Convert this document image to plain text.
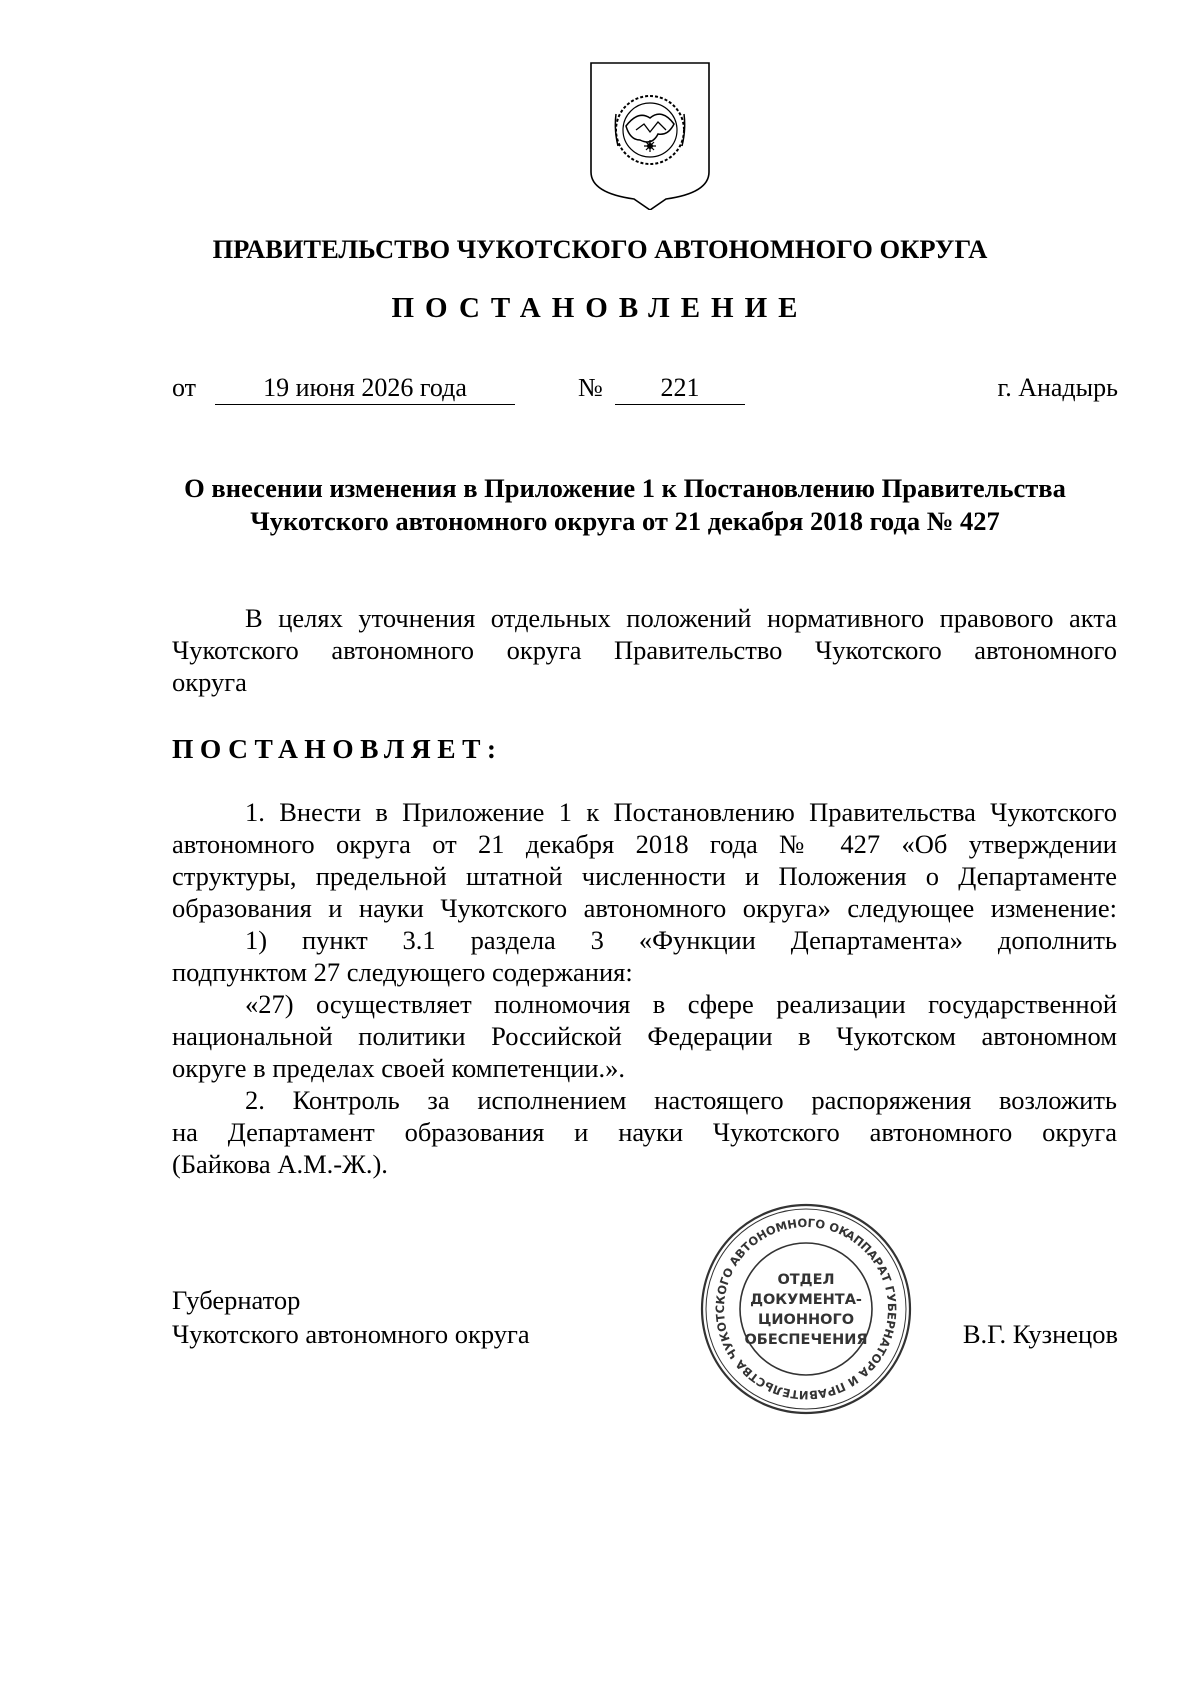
ПРАВИТЕЛЬСТВО ЧУКОТСКОГО АВТОНОМНОГО ОКРУГА
ПОСТАНОВЛЕНИЕ
от	19 июня 2026 года	№	221	г. Анадырь
О внесении изменения в Приложение 1 к Постановлению Правительства
Чукотского автономного округа от 21 декабря 2018 года № 427
В целях уточнения отдельных положений нормативного правового акта
Чукотского автономного округа Правительство Чукотского автономного
округа
ПОСТАНОВЛЯЕТ:
1. Внести в Приложение 1 к Постановлению Правительства Чукотского
автономного округа от 21 декабря 2018 года № 427 «Об утверждении
структуры, предельной штатной численности и Положения о Департаменте
образования и науки Чукотского автономного округа» следующее изменение:
1) пункт 3.1 раздела 3 «Функции Департамента» дополнить
подпунктом 27 следующего содержания:
«27) осуществляет полномочия в сфере реализации государственной
национальной политики Российской Федерации в Чукотском автономном
округе в пределах своей компетенции.».
2. Контроль за исполнением настоящего распоряжения возложить
на Департамент образования и науки Чукотского автономного округа
(Байкова А.М.-Ж.).
Губернатор
Чукотского автономного округа	В.Г. Кузнецов
АППАРАТ ГУБЕРНАТОРА И ПРАВИТЕЛЬСТВА ЧУКОТСКОГО АВТОНОМНОГО ОКРУГА
ОТДЕЛ
ДОКУМЕНТА-
ЦИОННОГО
ОБЕСПЕЧЕНИЯ
